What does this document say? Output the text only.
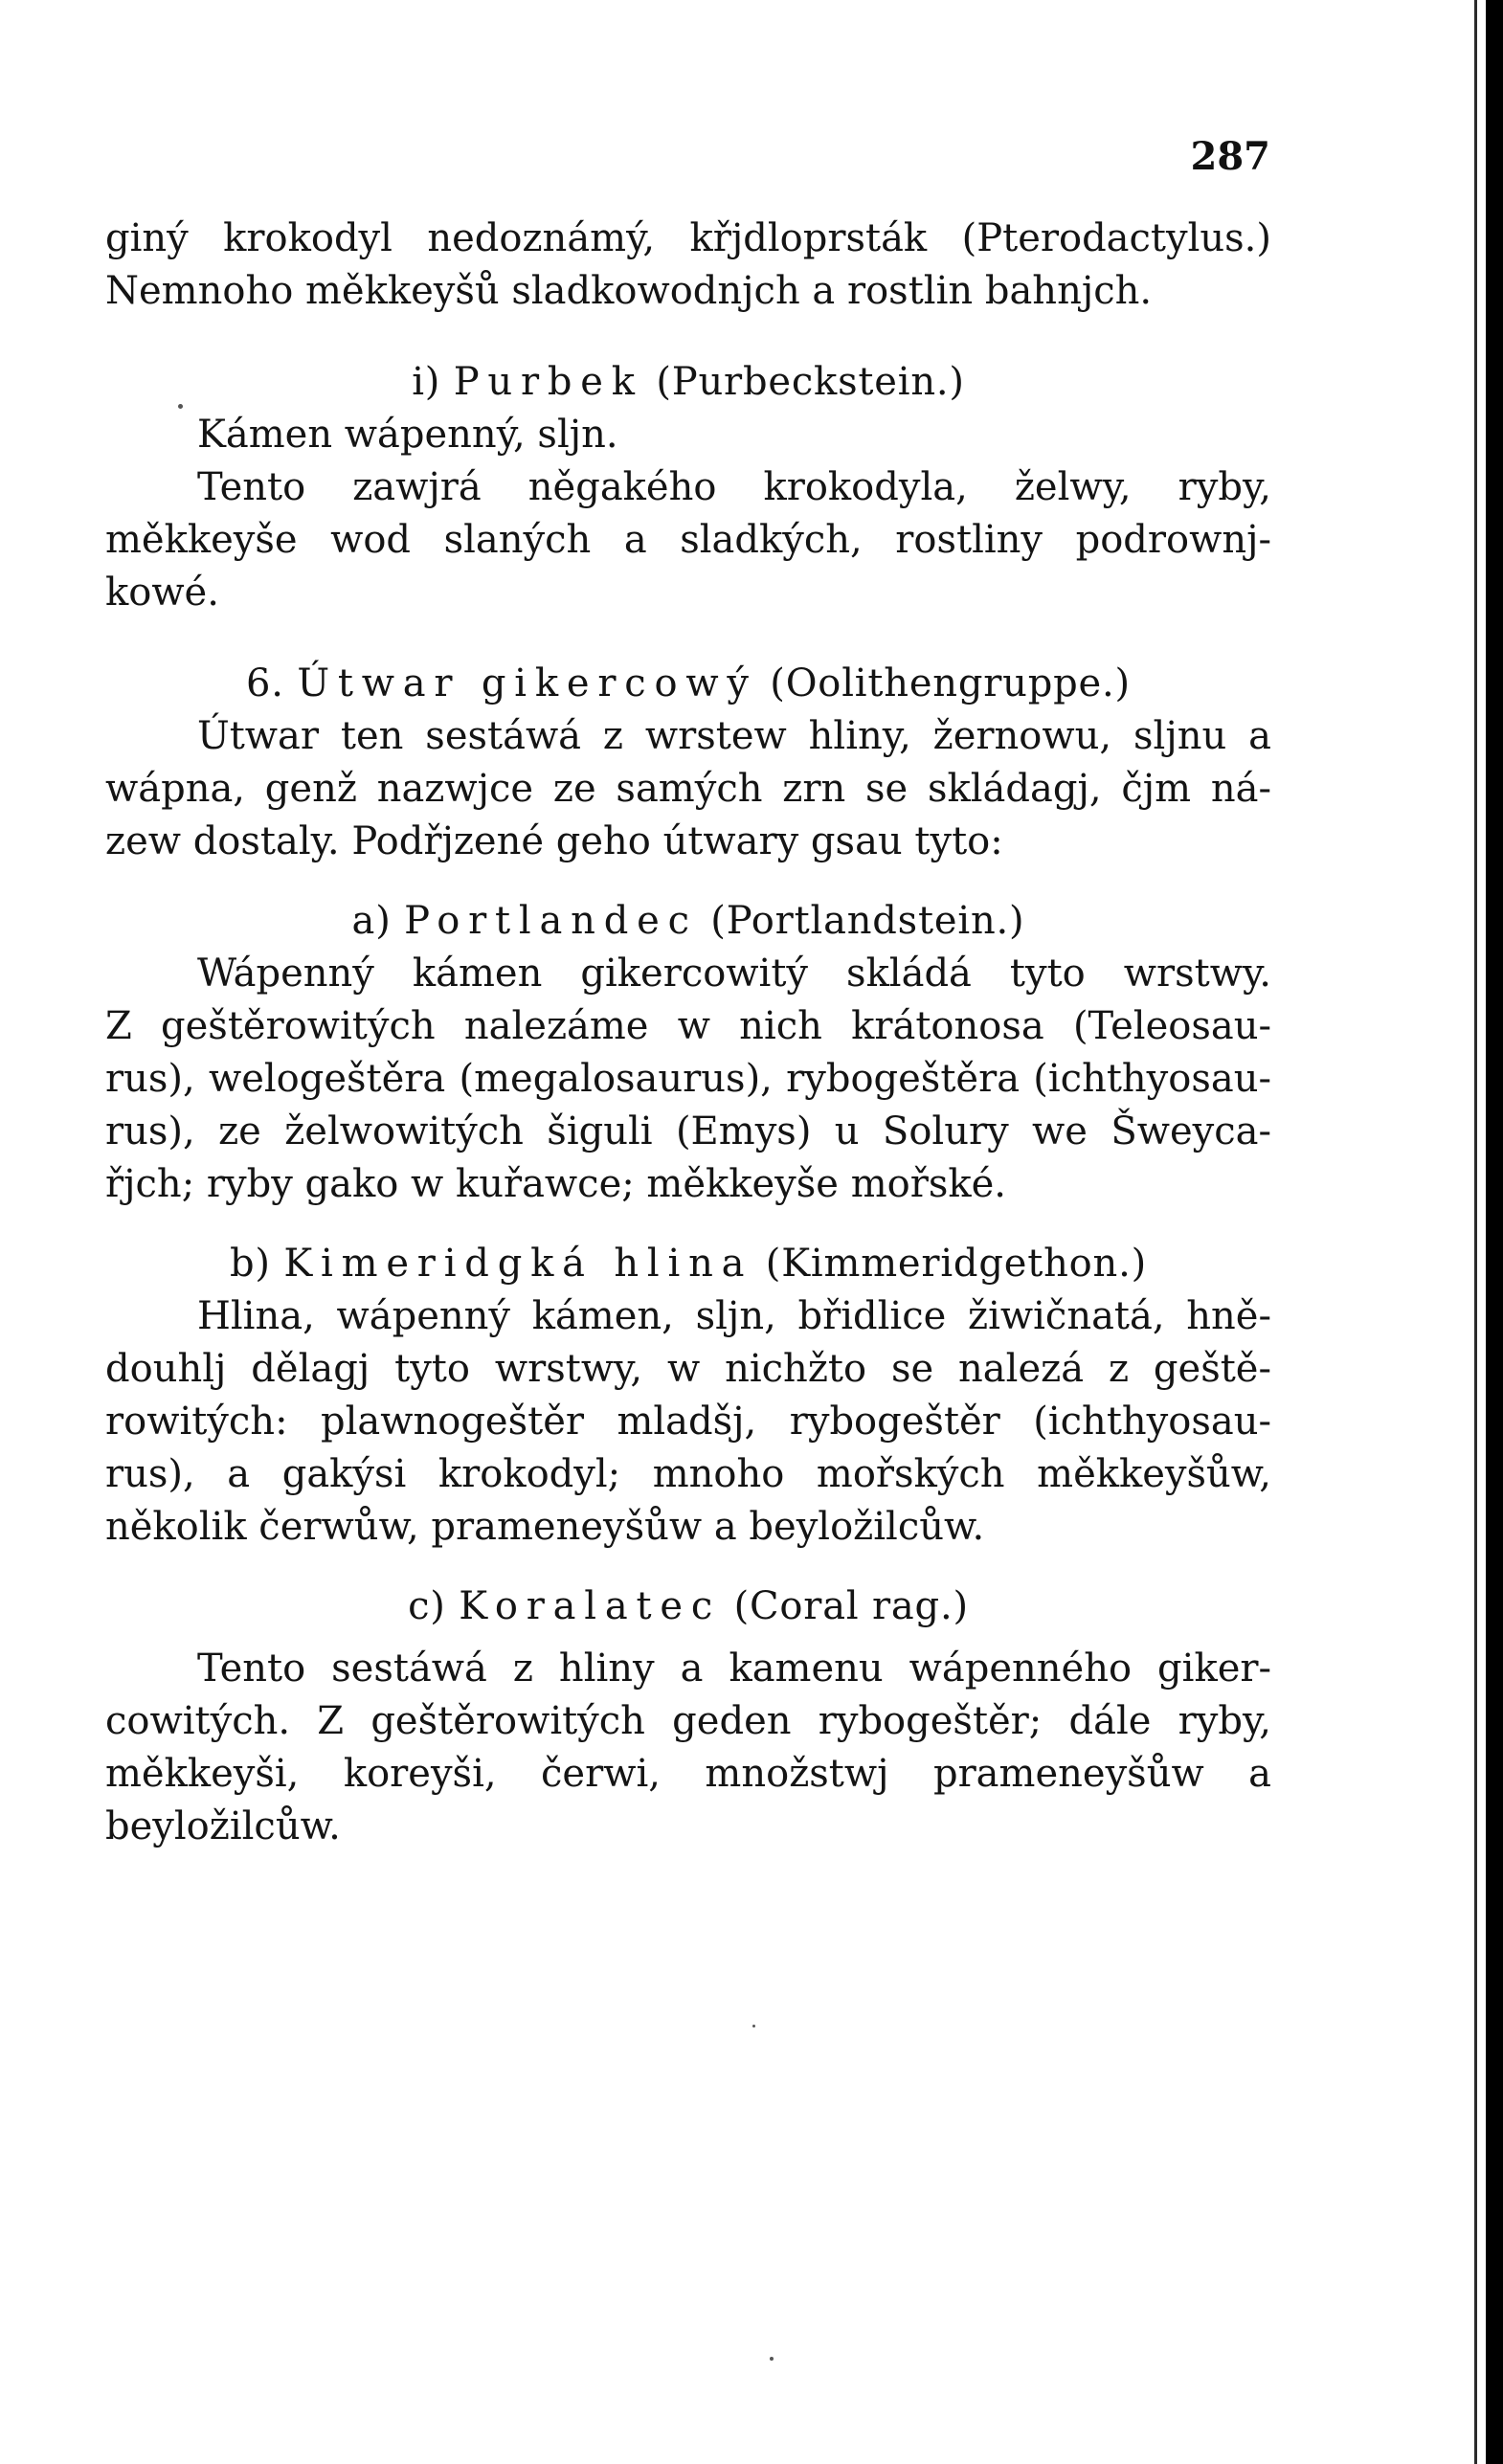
287
giný krokodyl nedoznámý, křjdloprsták (Pterodactylus.)
Nemnoho měkkeyšů sladkowodnjch a rostlin bahnjch.
i) Purbek (Purbeckstein.)
Kámen wápenný, sljn.
Tento zawjrá něgakého krokodyla, želwy, ryby,
měkkeyše wod slaných a sladkých, rostliny podrownj-
kowé.
6. Útwar gikercowý (Oolithengruppe.)
Útwar ten sestáwá z wrstew hliny, žernowu, sljnu a
wápna, genž nazwjce ze samých zrn se skládagj, čjm ná-
zew dostaly. Podřjzené geho útwary gsau tyto:
a) Portlandec (Portlandstein.)
Wápenný kámen gikercowitý skládá tyto wrstwy.
Z geštěrowitých nalezáme w nich krátonosa (Teleosau-
rus), welogeštěra (megalosaurus), rybogeštěra (ichthyosau-
rus), ze želwowitých šiguli (Emys) u Solury we Šweyca-
řjch; ryby gako w kuřawce; měkkeyše mořské.
b) Kimeridgká hlina (Kimmeridgethon.)
Hlina, wápenný kámen, sljn, břidlice žiwičnatá, hně-
douhlj dělagj tyto wrstwy, w nichžto se nalezá z geště-
rowitých: plawnogeštěr mladšj, rybogeštěr (ichthyosau-
rus), a gakýsi krokodyl; mnoho mořských měkkeyšůw,
několik čerwůw, prameneyšůw a beyložilcůw.
c) Koralatec (Coral rag.)
Tento sestáwá z hliny a kamenu wápenného giker-
cowitých. Z geštěrowitých geden rybogeštěr; dále ryby,
měkkeyši, koreyši, čerwi, množstwj prameneyšůw a
beyložilcůw.
